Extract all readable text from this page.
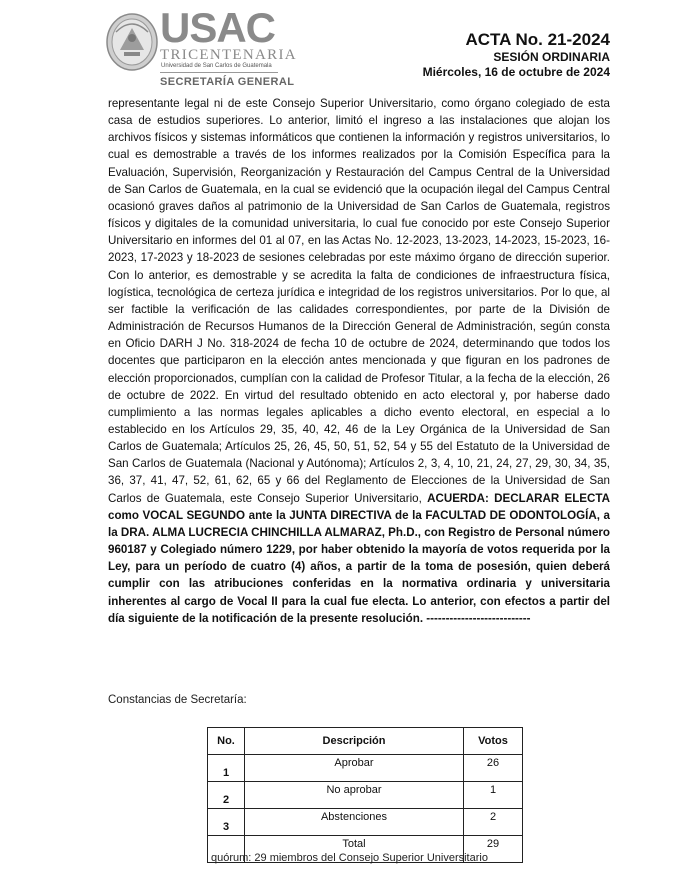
USAC
TRICENTENARIA
Universidad de San Carlos de Guatemala
SECRETARÍA GENERAL
ACTA No. 21-2024
SESIÓN ORDINARIA
Miércoles, 16 de octubre de 2024

representante legal ni de este Consejo Superior Universitario, como órgano colegiado de esta casa de estudios superiores. Lo anterior, limitó el ingreso a las instalaciones que alojan los archivos físicos y sistemas informáticos que contienen la información y registros universitarios, lo cual es demostrable a través de los informes realizados por la Comisión Específica para la Evaluación, Supervisión, Reorganización y Restauración del Campus Central de la Universidad de San Carlos de Guatemala, en la cual se evidenció que la ocupación ilegal del Campus Central ocasionó graves daños al patrimonio de la Universidad de San Carlos de Guatemala, registros físicos y digitales de la comunidad universitaria, lo cual fue conocido por este Consejo Superior Universitario en informes del 01 al 07, en las Actas No. 12-2023, 13-2023, 14-2023, 15-2023, 16-2023, 17-2023 y 18-2023 de sesiones celebradas por este máximo órgano de dirección superior. Con lo anterior, es demostrable y se acredita la falta de condiciones de infraestructura física, logística, tecnológica de certeza jurídica e integridad de los registros universitarios. Por lo que, al ser factible la verificación de las calidades correspondientes, por parte de la División de Administración de Recursos Humanos de la Dirección General de Administración, según consta en Oficio DARH J No. 318-2024 de fecha 10 de octubre de 2024, determinando que todos los docentes que participaron en la elección antes mencionada y que figuran en los padrones de elección proporcionados, cumplían con la calidad de Profesor Titular, a la fecha de la elección, 26 de octubre de 2022. En virtud del resultado obtenido en acto electoral y, por haberse dado cumplimiento a las normas legales aplicables a dicho evento electoral, en especial a lo establecido en los Artículos 29, 35, 40, 42, 46 de la Ley Orgánica de la Universidad de San Carlos de Guatemala; Artículos 25, 26, 45, 50, 51, 52, 54 y 55 del Estatuto de la Universidad de San Carlos de Guatemala (Nacional y Autónoma); Artículos 2, 3, 4, 10, 21, 24, 27, 29, 30, 34, 35, 36, 37, 41, 47, 52, 61, 62, 65 y 66 del Reglamento de Elecciones de la Universidad de San Carlos de Guatemala, este Consejo Superior Universitario, ACUERDA: DECLARAR ELECTA como VOCAL SEGUNDO ante la JUNTA DIRECTIVA de la FACULTAD DE ODONTOLOGÍA, a la DRA. ALMA LUCRECIA CHINCHILLA ALMARAZ, Ph.D., con Registro de Personal número 960187 y Colegiado número 1229, por haber obtenido la mayoría de votos requerida por la Ley, para un período de cuatro (4) años, a partir de la toma de posesión, quien deberá cumplir con las atribuciones conferidas en la normativa ordinaria y universitaria inherentes al cargo de Vocal II para la cual fue electa. Lo anterior, con efectos a partir del día siguiente de la notificación de la presente resolución. ---------------------------

Constancias de Secretaría:
No.	Descripción	Votos
1	Aprobar	26
2	No aprobar	1
3	Abstenciones	2
	Total	29
quórum: 29 miembros del Consejo Superior Universitario
